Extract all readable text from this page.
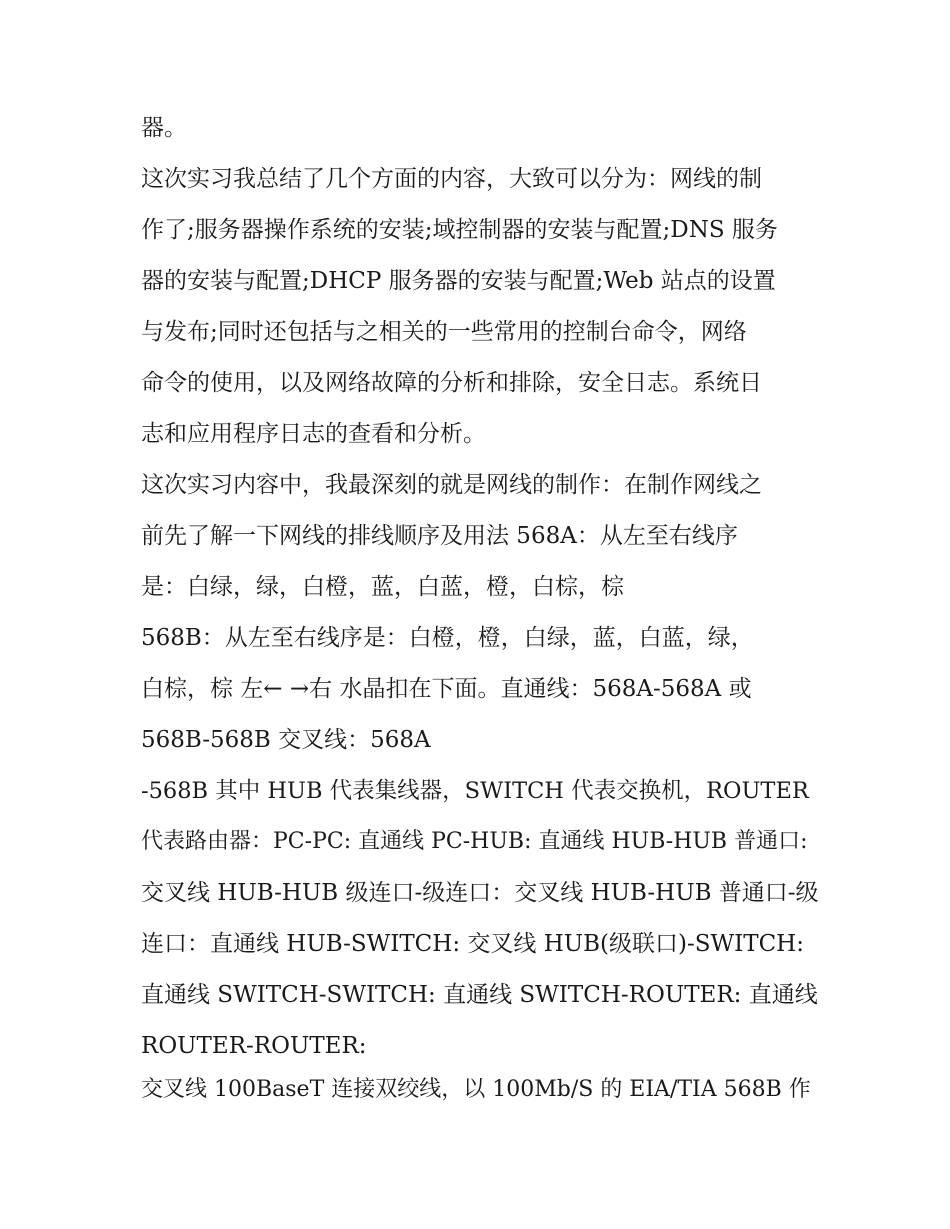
器。
这次实习我总结了几个方面的内容，大致可以分为：网线的制
作了;服务器操作系统的安装;域控制器的安装与配置;DNS 服务
器的安装与配置;DHCP 服务器的安装与配置;Web 站点的设置
与发布;同时还包括与之相关的一些常用的控制台命令，网络
命令的使用，以及网络故障的分析和排除，安全日志。系统日
志和应用程序日志的查看和分析。
这次实习内容中，我最深刻的就是网线的制作：在制作网线之
前先了解一下网线的排线顺序及用法 568A：从左至右线序
是：白绿，绿，白橙，蓝，白蓝，橙，白棕，棕
568B：从左至右线序是：白橙，橙，白绿，蓝，白蓝，绿，
白棕，棕 左← →右 水晶扣在下面。直通线：568A-568A 或
568B-568B 交叉线：568A
-568B 其中 HUB 代表集线器，SWITCH 代表交换机，ROUTER
代表路由器：PC-PC: 直通线 PC-HUB: 直通线 HUB-HUB 普通口:
交叉线 HUB-HUB 级连口-级连口：交叉线 HUB-HUB 普通口-级
连口：直通线 HUB-SWITCH: 交叉线 HUB(级联口)-SWITCH:
直通线 SWITCH-SWITCH: 直通线 SWITCH-ROUTER: 直通线
ROUTER-ROUTER:
交叉线 100BaseT 连接双绞线，以 100Mb/S 的 EIA/TIA 568B 作
